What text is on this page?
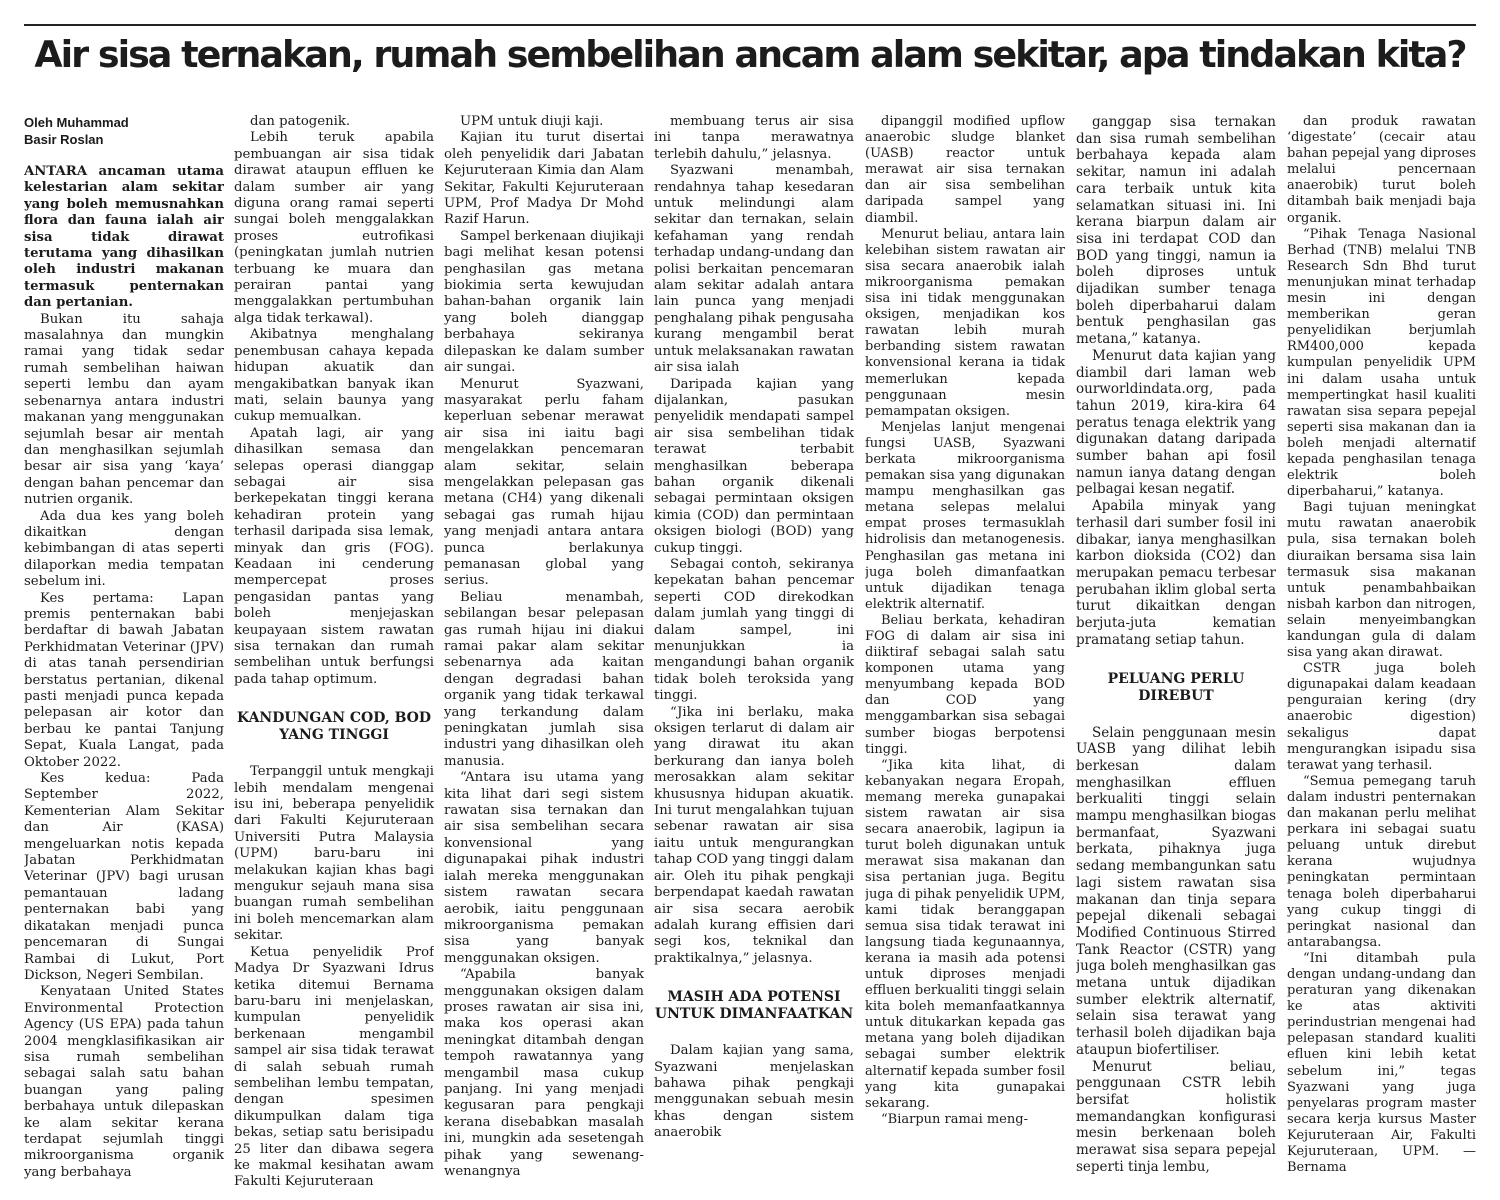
Air sisa ternakan, rumah sembelihan ancam alam sekitar, apa tindakan kita?
Oleh Muhammad
Basir Roslan

ANTARA ancaman utama kelestarian alam sekitar yang boleh memusnahkan flora dan fauna ialah air sisa tidak dirawat terutama yang dihasilkan oleh industri makanan termasuk penternakan dan pertanian.

Bukan itu sahaja masalahnya dan mungkin ramai yang tidak sedar rumah sembelihan haiwan seperti lembu dan ayam sebenarnya antara industri makanan yang menggunakan sejumlah besar air mentah dan menghasilkan sejumlah besar air sisa yang ‘kaya’ dengan bahan pencemar dan nutrien organik.

Ada dua kes yang boleh dikaitkan dengan kebimbangan di atas seperti dilaporkan media tempatan sebelum ini.

Kes pertama: Lapan premis penternakan babi berdaftar di bawah Jabatan Perkhidmatan Veterinar (JPV) di atas tanah persendirian berstatus pertanian, dikenal pasti menjadi punca kepada pelepasan air kotor dan berbau ke pantai Tanjung Sepat, Kuala Langat, pada Oktober 2022.

Kes kedua: Pada September 2022, Kementerian Alam Sekitar dan Air (KASA) mengeluarkan notis kepada Jabatan Perkhidmatan Veterinar (JPV) bagi urusan pemantauan ladang penternakan babi yang dikatakan menjadi punca pencemaran di Sungai Rambai di Lukut, Port Dickson, Negeri Sembilan.

Kenyataan United States Environmental Protection Agency (US EPA) pada tahun 2004 mengklasifikasikan air sisa rumah sembelihan sebagai salah satu bahan buangan yang paling berbahaya untuk dilepaskan ke alam sekitar kerana terdapat sejumlah tinggi mikroorganisma organik yang berbahaya

dan patogenik.

Lebih teruk apabila pembuangan air sisa tidak dirawat ataupun effluen ke dalam sumber air yang diguna orang ramai seperti sungai boleh menggalakkan proses eutrofikasi (peningkatan jumlah nutrien terbuang ke muara dan perairan pantai yang menggalakkan pertumbuhan alga tidak terkawal).

Akibatnya menghalang penembusan cahaya kepada hidupan akuatik dan mengakibatkan banyak ikan mati, selain baunya yang cukup memualkan.

Apatah lagi, air yang dihasilkan semasa dan selepas operasi dianggap sebagai air sisa berkepekatan tinggi kerana kehadiran protein yang terhasil daripada sisa lemak, minyak dan gris (FOG). Keadaan ini cenderung mempercepat proses pengasidan pantas yang boleh menjejaskan keupayaan sistem rawatan sisa ternakan dan rumah sembelihan untuk berfungsi pada tahap optimum.

KANDUNGAN COD, BOD YANG TINGGI

Terpanggil untuk mengkaji lebih mendalam mengenai isu ini, beberapa penyelidik dari Fakulti Kejuruteraan Universiti Putra Malaysia (UPM) baru-baru ini melakukan kajian khas bagi mengukur sejauh mana sisa buangan rumah sembelihan ini boleh mencemarkan alam sekitar.

Ketua penyelidik Prof Madya Dr Syazwani Idrus ketika ditemui Bernama baru-baru ini menjelaskan, kumpulan penyelidik berkenaan mengambil sampel air sisa tidak terawat di salah sebuah rumah sembelihan lembu tempatan, dengan spesimen dikumpulkan dalam tiga bekas, setiap satu berisipadu 25 liter dan dibawa segera ke makmal kesihatan awam Fakulti Kejuruteraan

UPM untuk diuji kaji.

Kajian itu turut disertai oleh penyelidik dari Jabatan Kejuruteraan Kimia dan Alam Sekitar, Fakulti Kejuruteraan UPM, Prof Madya Dr Mohd Razif Harun.

Sampel berkenaan diujikaji bagi melihat kesan potensi penghasilan gas metana biokimia serta kewujudan bahan-bahan organik lain yang boleh dianggap berbahaya sekiranya dilepaskan ke dalam sumber air sungai.

Menurut Syazwani, masyarakat perlu faham keperluan sebenar merawat air sisa ini iaitu bagi mengelakkan pencemaran alam sekitar, selain mengelakkan pelepasan gas metana (CH4) yang dikenali sebagai gas rumah hijau yang menjadi antara antara punca berlakunya pemanasan global yang serius.

Beliau menambah, sebilangan besar pelepasan gas rumah hijau ini diakui ramai pakar alam sekitar sebenarnya ada kaitan dengan degradasi bahan organik yang tidak terkawal yang terkandung dalam peningkatan jumlah sisa industri yang dihasilkan oleh manusia.

“Antara isu utama yang kita lihat dari segi sistem rawatan sisa ternakan dan air sisa sembelihan secara konvensional yang digunapakai pihak industri ialah mereka menggunakan sistem rawatan secara aerobik, iaitu penggunaan mikroorganisma pemakan sisa yang banyak menggunakan oksigen.

“Apabila banyak menggunakan oksigen dalam proses rawatan air sisa ini, maka kos operasi akan meningkat ditambah dengan tempoh rawatannya yang mengambil masa cukup panjang. Ini yang menjadi kegusaran para pengkaji kerana disebabkan masalah ini, mungkin ada sesetengah pihak yang sewenang-wenangnya

membuang terus air sisa ini tanpa merawatnya terlebih dahulu,” jelasnya.

Syazwani menambah, rendahnya tahap kesedaran untuk melindungi alam sekitar dan ternakan, selain kefahaman yang rendah terhadap undang-undang dan polisi berkaitan pencemaran alam sekitar adalah antara lain punca yang menjadi penghalang pihak pengusaha kurang mengambil berat untuk melaksanakan rawatan air sisa ialah

Daripada kajian yang dijalankan, pasukan penyelidik mendapati sampel air sisa sembelihan tidak terawat terbabit menghasilkan beberapa bahan organik dikenali sebagai permintaan oksigen kimia (COD) dan permintaan oksigen biologi (BOD) yang cukup tinggi.

Sebagai contoh, sekiranya kepekatan bahan pencemar seperti COD direkodkan dalam jumlah yang tinggi di dalam sampel, ini menunjukkan ia mengandungi bahan organik tidak boleh teroksida yang tinggi.

“Jika ini berlaku, maka oksigen terlarut di dalam air yang dirawat itu akan berkurang dan ianya boleh merosakkan alam sekitar khususnya hidupan akuatik. Ini turut mengalahkan tujuan sebenar rawatan air sisa iaitu untuk mengurangkan tahap COD yang tinggi dalam air. Oleh itu pihak pengkaji berpendapat kaedah rawatan air sisa secara aerobik adalah kurang effisien dari segi kos, teknikal dan praktikalnya,” jelasnya.

MASIH ADA POTENSI UNTUK DIMANFAATKAN

Dalam kajian yang sama, Syazwani menjelaskan bahawa pihak pengkaji menggunakan sebuah mesin khas dengan sistem anaerobik

dipanggil modified upflow anaerobic sludge blanket (UASB) reactor untuk merawat air sisa ternakan dan air sisa sembelihan daripada sampel yang diambil.

Menurut beliau, antara lain kelebihan sistem rawatan air sisa secara anaerobik ialah mikroorganisma pemakan sisa ini tidak menggunakan oksigen, menjadikan kos rawatan lebih murah berbanding sistem rawatan konvensional kerana ia tidak memerlukan kepada penggunaan mesin pemampatan oksigen.

Menjelas lanjut mengenai fungsi UASB, Syazwani berkata mikroorganisma pemakan sisa yang digunakan mampu menghasilkan gas metana selepas melalui empat proses termasuklah hidrolisis dan metanogenesis. Penghasilan gas metana ini juga boleh dimanfaatkan untuk dijadikan tenaga elektrik alternatif.

Beliau berkata, kehadiran FOG di dalam air sisa ini diiktiraf sebagai salah satu komponen utama yang menyumbang kepada BOD dan COD yang menggambarkan sisa sebagai sumber biogas berpotensi tinggi.

“Jika kita lihat, di kebanyakan negara Eropah, memang mereka gunapakai sistem rawatan air sisa secara anaerobik, lagipun ia turut boleh digunakan untuk merawat sisa makanan dan sisa pertanian juga. Begitu juga di pihak penyelidik UPM, kami tidak beranggapan semua sisa tidak terawat ini langsung tiada kegunaannya, kerana ia masih ada potensi untuk diproses menjadi effluen berkualiti tinggi selain kita boleh memanfaatkannya untuk ditukarkan kepada gas metana yang boleh dijadikan sebagai sumber elektrik alternatif kepada sumber fosil yang kita gunapakai sekarang.

“Biarpun ramai meng-

ganggap sisa ternakan dan sisa rumah sembelihan berbahaya kepada alam sekitar, namun ini adalah cara terbaik untuk kita selamatkan situasi ini. Ini kerana biarpun dalam air sisa ini terdapat COD dan BOD yang tinggi, namun ia boleh diproses untuk dijadikan sumber tenaga boleh diperbaharui dalam bentuk penghasilan gas metana,” katanya.

Menurut data kajian yang diambil dari laman web ourworldindata.org, pada tahun 2019, kira-kira 64 peratus tenaga elektrik yang digunakan datang daripada sumber bahan api fosil namun ianya datang dengan pelbagai kesan negatif.

Apabila minyak yang terhasil dari sumber fosil ini dibakar, ianya menghasilkan karbon dioksida (CO2) dan merupakan pemacu terbesar perubahan iklim global serta turut dikaitkan dengan berjuta-juta kematian pramatang setiap tahun.

PELUANG PERLU DIREBUT

Selain penggunaan mesin UASB yang dilihat lebih berkesan dalam menghasilkan effluen berkualiti tinggi selain mampu menghasilkan biogas bermanfaat, Syazwani berkata, pihaknya juga sedang membangunkan satu lagi sistem rawatan sisa makanan dan tinja separa pepejal dikenali sebagai Modified Continuous Stirred Tank Reactor (CSTR) yang juga boleh menghasilkan gas metana untuk dijadikan sumber elektrik alternatif, selain sisa terawat yang terhasil boleh dijadikan baja ataupun biofertiliser.

Menurut beliau, penggunaan CSTR lebih bersifat holistik memandangkan konfigurasi mesin berkenaan boleh merawat sisa separa pepejal seperti tinja lembu,

dan produk rawatan ‘digestate’ (cecair atau bahan pepejal yang diproses melalui pencernaan anaerobik) turut boleh ditambah baik menjadi baja organik.

“Pihak Tenaga Nasional Berhad (TNB) melalui TNB Research Sdn Bhd turut menunjukan minat terhadap mesin ini dengan memberikan geran penyelidikan berjumlah RM400,000 kepada kumpulan penyelidik UPM ini dalam usaha untuk mempertingkat hasil kualiti rawatan sisa separa pepejal seperti sisa makanan dan ia boleh menjadi alternatif kepada penghasilan tenaga elektrik boleh diperbaharui,” katanya.

Bagi tujuan meningkat mutu rawatan anaerobik pula, sisa ternakan boleh diuraikan bersama sisa lain termasuk sisa makanan untuk penambahbaikan nisbah karbon dan nitrogen, selain menyeimbangkan kandungan gula di dalam sisa yang akan dirawat.

CSTR juga boleh digunapakai dalam keadaan penguraian kering (dry anaerobic digestion) sekaligus dapat mengurangkan isipadu sisa terawat yang terhasil.

“Semua pemegang taruh dalam industri penternakan dan makanan perlu melihat perkara ini sebagai suatu peluang untuk direbut kerana wujudnya peningkatan permintaan tenaga boleh diperbaharui yang cukup tinggi di peringkat nasional dan antarabangsa.

“Ini ditambah pula dengan undang-undang dan peraturan yang dikenakan ke atas aktiviti perindustrian mengenai had pelepasan standard kualiti efluen kini lebih ketat sebelum ini,” tegas Syazwani yang juga penyelaras program master secara kerja kursus Master Kejuruteraan Air, Fakulti Kejuruteraan, UPM. — Bernama
